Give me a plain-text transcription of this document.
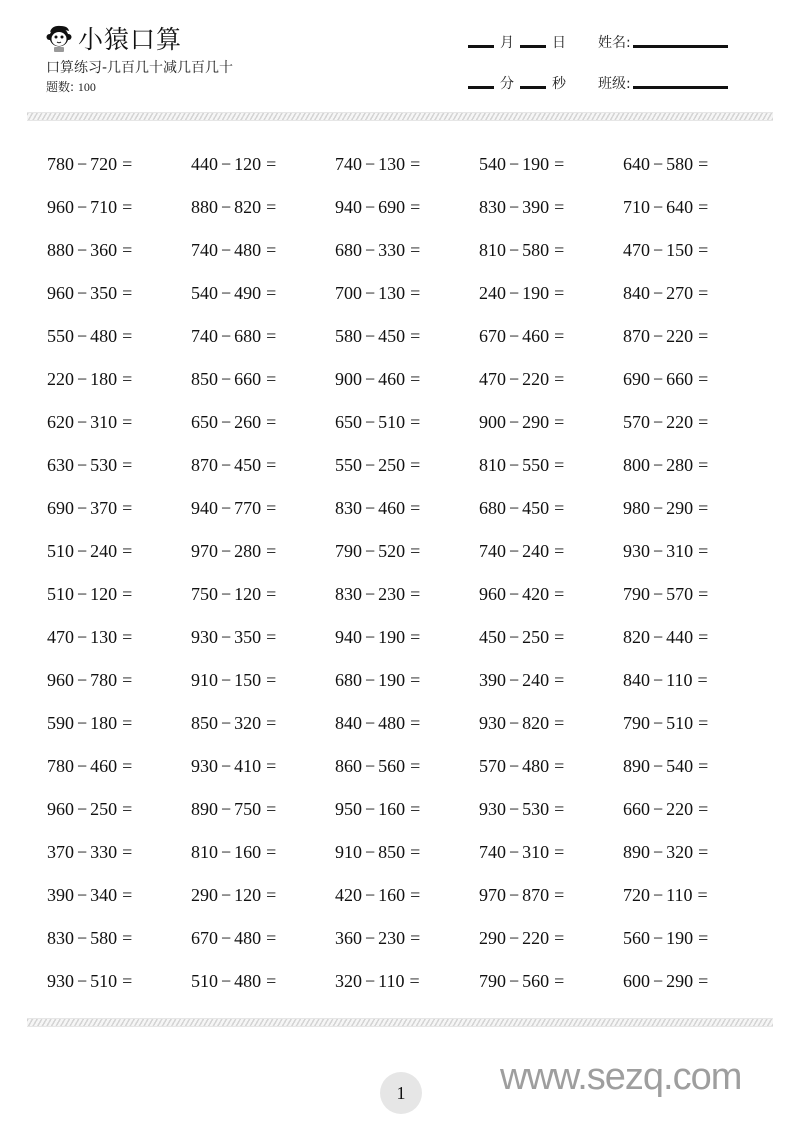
小猿口算
口算练习-几百几十减几百几十
题数: 100
月	日 姓名:
分	秒 班级:
780 − 720 =	440 − 120 =	740 − 130 =	540 − 190 =	640 − 580 =
960 − 710 =	880 − 820 =	940 − 690 =	830 − 390 =	710 − 640 =
880 − 360 =	740 − 480 =	680 − 330 =	810 − 580 =	470 − 150 =
960 − 350 =	540 − 490 =	700 − 130 =	240 − 190 =	840 − 270 =
550 − 480 =	740 − 680 =	580 − 450 =	670 − 460 =	870 − 220 =
220 − 180 =	850 − 660 =	900 − 460 =	470 − 220 =	690 − 660 =
620 − 310 =	650 − 260 =	650 − 510 =	900 − 290 =	570 − 220 =
630 − 530 =	870 − 450 =	550 − 250 =	810 − 550 =	800 − 280 =
690 − 370 =	940 − 770 =	830 − 460 =	680 − 450 =	980 − 290 =
510 − 240 =	970 − 280 =	790 − 520 =	740 − 240 =	930 − 310 =
510 − 120 =	750 − 120 =	830 − 230 =	960 − 420 =	790 − 570 =
470 − 130 =	930 − 350 =	940 − 190 =	450 − 250 =	820 − 440 =
960 − 780 =	910 − 150 =	680 − 190 =	390 − 240 =	840 − 110 =
590 − 180 =	850 − 320 =	840 − 480 =	930 − 820 =	790 − 510 =
780 − 460 =	930 − 410 =	860 − 560 =	570 − 480 =	890 − 540 =
960 − 250 =	890 − 750 =	950 − 160 =	930 − 530 =	660 − 220 =
370 − 330 =	810 − 160 =	910 − 850 =	740 − 310 =	890 − 320 =
390 − 340 =	290 − 120 =	420 − 160 =	970 − 870 =	720 − 110 =
830 − 580 =	670 − 480 =	360 − 230 =	290 − 220 =	560 − 190 =
930 − 510 =	510 − 480 =	320 − 110 =	790 − 560 =	600 − 290 =
1 www.sezq.com
